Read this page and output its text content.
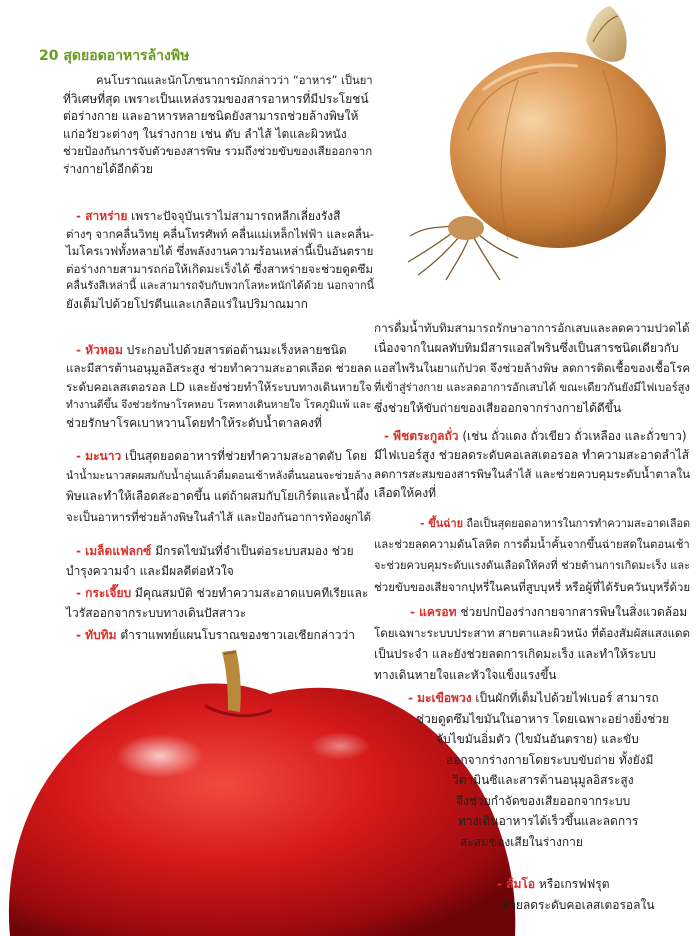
20 สุดยอดอาหารล้างพิษ
คนโบราณและนักโภชนาการมักกล่าวว่า “อาหาร” เป็นยา
ที่วิเศษที่สุด เพราะเป็นแหล่งรวมของสารอาหารที่มีประโยชน์
ต่อร่างกาย และอาหารหลายชนิดยังสามารถช่วยล้างพิษให้
แก่อวัยวะต่างๆ ในร่างกาย เช่น ตับ ลำไส้ ไตและผิวหนัง
ช่วยป้องกันการจับตัวของสารพิษ รวมถึงช่วยขับของเสียออกจาก
ร่างกายได้อีกด้วย
- สาหร่าย เพราะปัจจุบันเราไม่สามารถหลีกเลี่ยงรังสี
ต่างๆ จากคลื่นวิทยุ คลื่นโทรศัพท์ คลื่นแม่เหล็กไฟฟ้า และคลื่น-
ไมโครเวฟทั้งหลายได้ ซึ่งพลังงานความร้อนเหล่านี้เป็นอันตราย
ต่อร่างกายสามารถก่อให้เกิดมะเร็งได้ ซึ่งสาหร่ายจะช่วยดูดซึม
คลื่นรังสีเหล่านี้ และสามารถจับกับพวกโลหะหนักได้ด้วย นอกจากนี้
ยังเต็มไปด้วยโปรตีนและเกลือแร่ในปริมาณมาก
- หัวหอม ประกอบไปด้วยสารต่อต้านมะเร็งหลายชนิด
และมีสารต้านอนุมูลอิสระสูง ช่วยทำความสะอาดเลือด ช่วยลด
ระดับคอเลสเตอรอล LD และยังช่วยทำให้ระบบทางเดินหายใจ
ทำงานดีขึ้น จึงช่วยรักษาโรคหอบ โรคทางเดินหายใจ โรคภูมิแพ้ และ
ช่วยรักษาโรคเบาหวานโดยทำให้ระดับน้ำตาลคงที่
- มะนาว เป็นสุดยอดอาหารที่ช่วยทำความสะอาดตับ โดย
นำน้ำมะนาวสดผสมกับน้ำอุ่นแล้วดื่มตอนเช้าหลังตื่นนอนจะช่วยล้าง
พิษและทำให้เลือดสะอาดขึ้น แต่ถ้าผสมกับโยเกิร์ตและน้ำผึ้ง
จะเป็นอาหารที่ช่วยล้างพิษในลำไส้ และป้องกันอาการท้องผูกได้
- เมล็ดแฟลกซ์ มีกรดไขมันที่จำเป็นต่อระบบสมอง ช่วย
บำรุงความจำ และมีผลดีต่อหัวใจ
- กระเจี๊ยบ มีคุณสมบัติ ช่วยทำความสะอาดแบคทีเรียและ
ไวรัสออกจากระบบทางเดินปัสสาวะ
- ทับทิม ตำราแพทย์แผนโบราณของชาวเอเชียกล่าวว่า
การดื่มน้ำทับทิมสามารถรักษาอาการอักเสบและลดความปวดได้
เนื่องจากในผลทับทิมมีสารแอสไพรินซึ่งเป็นสารชนิดเดียวกับ
แอสไพรินในยาแก้ปวด จึงช่วยล้างพิษ ลดการติดเชื้อของเชื้อโรค
ที่เข้าสู่ร่างกาย และลดอาการอักเสบได้ ขณะเดียวกันยังมีไฟเบอร์สูง
ซึ่งช่วยให้ขับถ่ายของเสียออกจากร่างกายได้ดีขึ้น
- พืชตระกูลถั่ว (เช่น ถั่วแดง ถั่วเขียว ถั่วเหลือง และถั่วขาว)
มีไฟเบอร์สูง ช่วยลดระดับคอเลสเตอรอล ทำความสะอาดลำไส้
ลดการสะสมของสารพิษในลำไส้ และช่วยควบคุมระดับน้ำตาลใน
เลือดให้คงที่
- ขึ้นฉ่าย ถือเป็นสุดยอดอาหารในการทำความสะอาดเลือด
และช่วยลดความดันโลหิต การดื่มน้ำคั้นจากขึ้นฉ่ายสดในตอนเช้า
จะช่วยควบคุมระดับแรงดันเลือดให้คงที่ ช่วยต้านการเกิดมะเร็ง และ
ช่วยขับของเสียจากปุหรี่ในคนที่สูบบุหรี่ หรือผู้ที่ได้รับควันบุหรี่ด้วย
- แครอท ช่วยปกป้องร่างกายจากสารพิษในสิ่งแวดล้อม
โดยเฉพาะระบบประสาท สายตาและผิวหนัง ที่ต้องสัมผัสแสงแดด
เป็นประจำ และยังช่วยลดการเกิดมะเร็ง และทำให้ระบบ
ทางเดินหายใจและหัวใจแข็งแรงขึ้น
- มะเขือพวง เป็นผักที่เต็มไปด้วยไฟเบอร์ สามารถ
ช่วยดูดซึมไขมันในอาหาร โดยเฉพาะอย่างยิ่งช่วย
จับไขมันอิ่มตัว (ไขมันอันตราย) และขับ
ออกจากร่างกายโดยระบบขับถ่าย ทั้งยังมี
วิตามินซีและสารต้านอนุมูลอิสระสูง
จึงช่วยกำจัดของเสียออกจากระบบ
ทางเดินอาหารได้เร็วขึ้นและลดการ
สะสมของเสียในร่างกาย
- ส้มโอ หรือเกรฟฟรุต
ช่วยลดระดับคอเลสเตอรอลใน
